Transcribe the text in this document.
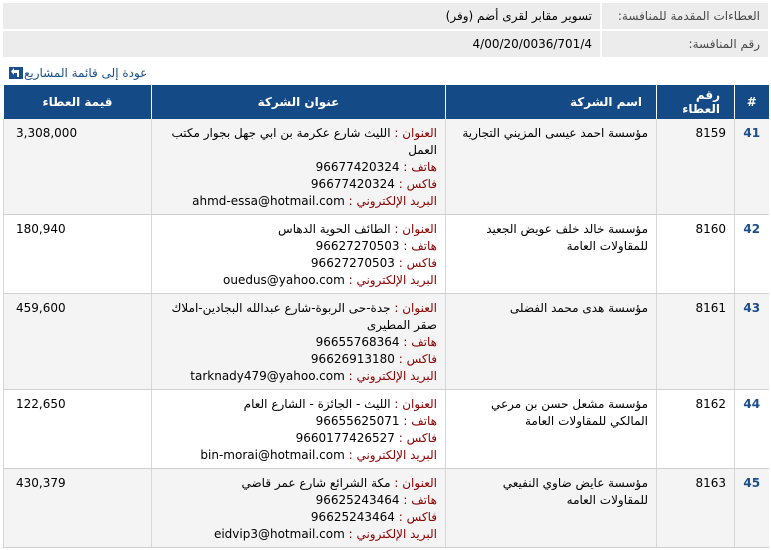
العطاءات المقدمة للمنافسة:	تسوير مقابر لقرى أضم (وفر)
رقم المنافسة:	4/00/20/0036/701/4
عودة إلى قائمة المشاريع
#	رقم العطاء	اسم الشركة	عنوان الشركة	قيمة العطاء
41	8159	مؤسسة احمد عيسى المزيني التجارية	العنوان : الليث شارع عكرمة بن ابي جهل بجوار مكتب العمل
هاتف : 96677420324
فاكس : 96677420324
البريد الإلكتروني : ahmd-essa@hotmail.com	3,308,000
42	8160	مؤسسة خالد خلف عويض الجعيد للمقاولات العامة	العنوان : الطائف الحوية الدهاس
هاتف : 96627270503
فاكس : 96627270503
البريد الإلكتروني : ouedus@yahoo.com	180,940
43	8161	مؤسسة هدى محمد الفضلى	العنوان : جدة-حى الربوة-شارع عبدالله البجادين-املاك صقر المطيرى
هاتف : 96655768364
فاكس : 96626913180
البريد الإلكتروني : tarknady479@yahoo.com	459,600
44	8162	مؤسسة مشعل حسن بن مرعي المالكي للمقاولات العامة	العنوان : الليث - الجائزة - الشارع العام
هاتف : 96655625071
فاكس : 9660177426527
البريد الإلكتروني : bin-morai@hotmail.com	122,650
45	8163	مؤسسة عايض ضاوي النفيعي للمقاولات العامه	العنوان : مكة الشرائع شارع عمر قاضي
هاتف : 96625243464
فاكس : 96625243464
البريد الإلكتروني : eidvip3@hotmail.com	430,379
